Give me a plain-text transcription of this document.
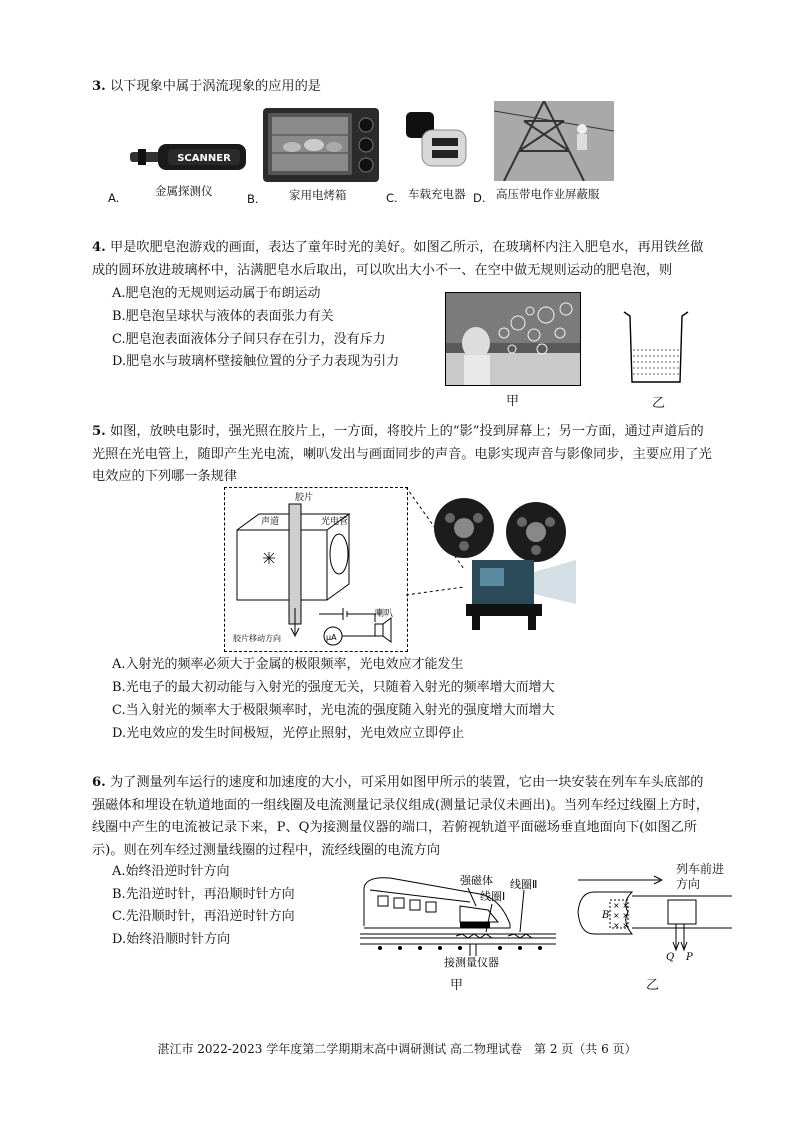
3. 以下现象中属于涡流现象的应用的是
SCANNER
金属探测仪
A.	家用电烤箱
B.	车载充电器
C.	高压带电作业屏蔽服
D.
4. 甲是吹肥皂泡游戏的画面，表达了童年时光的美好。如图乙所示，在玻璃杯内注入肥皂水，再用铁丝做成的圆环放进玻璃杯中，沾满肥皂水后取出，可以吹出大小不一、在空中做无规则运动的肥皂泡，则
A.肥皂泡的无规则运动属于布朗运动
B.肥皂泡呈球状与液体的表面张力有关
C.肥皂泡表面液体分子间只存在引力，没有斥力
D.肥皂水与玻璃杯壁接触位置的分子力表现为引力
甲	乙
5. 如图，放映电影时，强光照在胶片上，一方面，将胶片上的“影”投到屏幕上；另一方面，通过声道后的光照在光电管上，随即产生光电流，喇叭发出与画面同步的声音。电影实现声音与影像同步，主要应用了光电效应的下列哪一条规律
胶片
声道	光电管
喇叭
μA
胶片移动方向
A.入射光的频率必须大于金属的极限频率，光电效应才能发生
B.光电子的最大初动能与入射光的强度无关，只随着入射光的频率增大而增大
C.当入射光的频率大于极限频率时，光电流的强度随入射光的强度增大而增大
D.光电效应的发生时间极短，光停止照射，光电效应立即停止
6. 为了测量列车运行的速度和加速度的大小，可采用如图甲所示的装置，它由一块安装在列车车头底部的强磁体和埋设在轨道地面的一组线圈及电流测量记录仪组成(测量记录仪未画出)。当列车经过线圈上方时，线圈中产生的电流被记录下来，P、Q为接测量仪器的端口，若俯视轨道平面磁场垂直地面向下(如图乙所示)。则在列车经过测量线圈的过程中，流经线圈的电流方向
A.始终沿逆时针方向
B.先沿逆时针，再沿顺时针方向
C.先沿顺时针，再沿逆时针方向
D.始终沿顺时针方向
强磁体
线圈Ⅰ
线圈Ⅱ
接测量仪器
甲
× ×
× ×
× ×
B
Q P
列车前进方向
乙
湛江市 2022-2023 学年度第二学期期末高中调研测试 高二物理试卷　第 2 页（共 6 页）
